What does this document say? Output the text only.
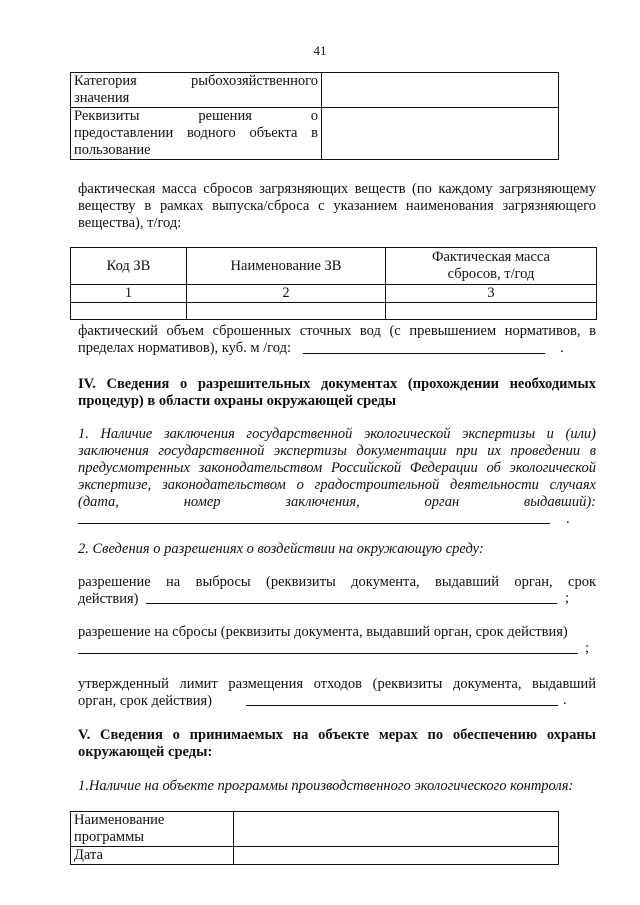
41
Категория рыбохозяйственного
значения	

Реквизиты решения о
предоставлении водного объекта в
пользование	

фактическая масса сбросов загрязняющих веществ (по каждому загрязняющему
веществу в рамках выпуска/сброса с указанием наименования загрязняющего
вещества), т/год:
Код ЗВ	Наименование ЗВ	Фактическая масса
сбросов, т/год

1	2	3

фактический объем сброшенных сточных вод (с превышением нормативов, в
пределах нормативов), куб. м /год:	.
IV. Сведения о разрешительных документах (прохождении необходимых
процедур) в области охраны окружающей среды
1. Наличие заключения государственной экологической экспертизы и (или)
заключения государственной экспертизы документации при их проведении в
предусмотренных законодательством Российской Федерации об экологической
экспертизе, законодательством о градостроительной деятельности случаях
(дата, номер заключения, орган выдавший):
.
2. Сведения о разрешениях о воздействии на окружающую среду:
разрешение на выбросы (реквизиты документа, выдавший орган, срок
действия)	;
разрешение на сбросы (реквизиты документа, выдавший орган, срок действия)
;
утвержденный лимит размещения отходов (реквизиты документа, выдавший
орган, срок действия)	.
V. Сведения о принимаемых на объекте мерах по обеспечению охраны
окружающей среды:
1.Наличие на объекте программы производственного экологического контроля:
Наименование
программы	

Дата	
